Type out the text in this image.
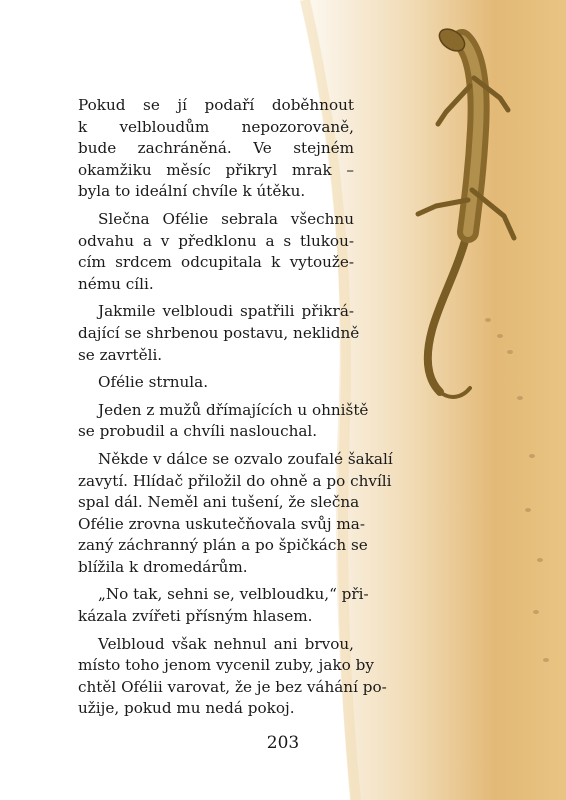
Pokud se jí podaří doběhnout
k velbloudům nepozorovaně,
bude zachráněná. Ve stejném
okamžiku měsíc přikryl mrak –
byla to ideální chvíle k útěku.

Slečna Ofélie sebrala všechnu
odvahu a v předklonu a s tlukou-
cím srdcem odcupitala k vytouže-
nému cíli.

Jakmile velbloudi spatřili přikrá-
dající se shrbenou postavu, neklidně
se zavrtěli.

Ofélie strnula.

Jeden z mužů dřímajících u ohniště
se probudil a chvíli naslouchal.

Někde v dálce se ozvalo zoufalé šakalí
zavytí. Hlídač přiložil do ohně a po chvíli
spal dál. Neměl ani tušení, že slečna
Ofélie zrovna uskutečňovala svůj ma-
zaný záchranný plán a po špičkách se
blížila k dromedárům.

„No tak, sehni se, velbloudku,“ při-
kázala zvířeti přísným hlasem.

Velbloud však nehnul ani brvou,
místo toho jenom vycenil zuby, jako by
chtěl Ofélii varovat, že je bez váhání po-
užije, pokud mu nedá pokoj.

203
